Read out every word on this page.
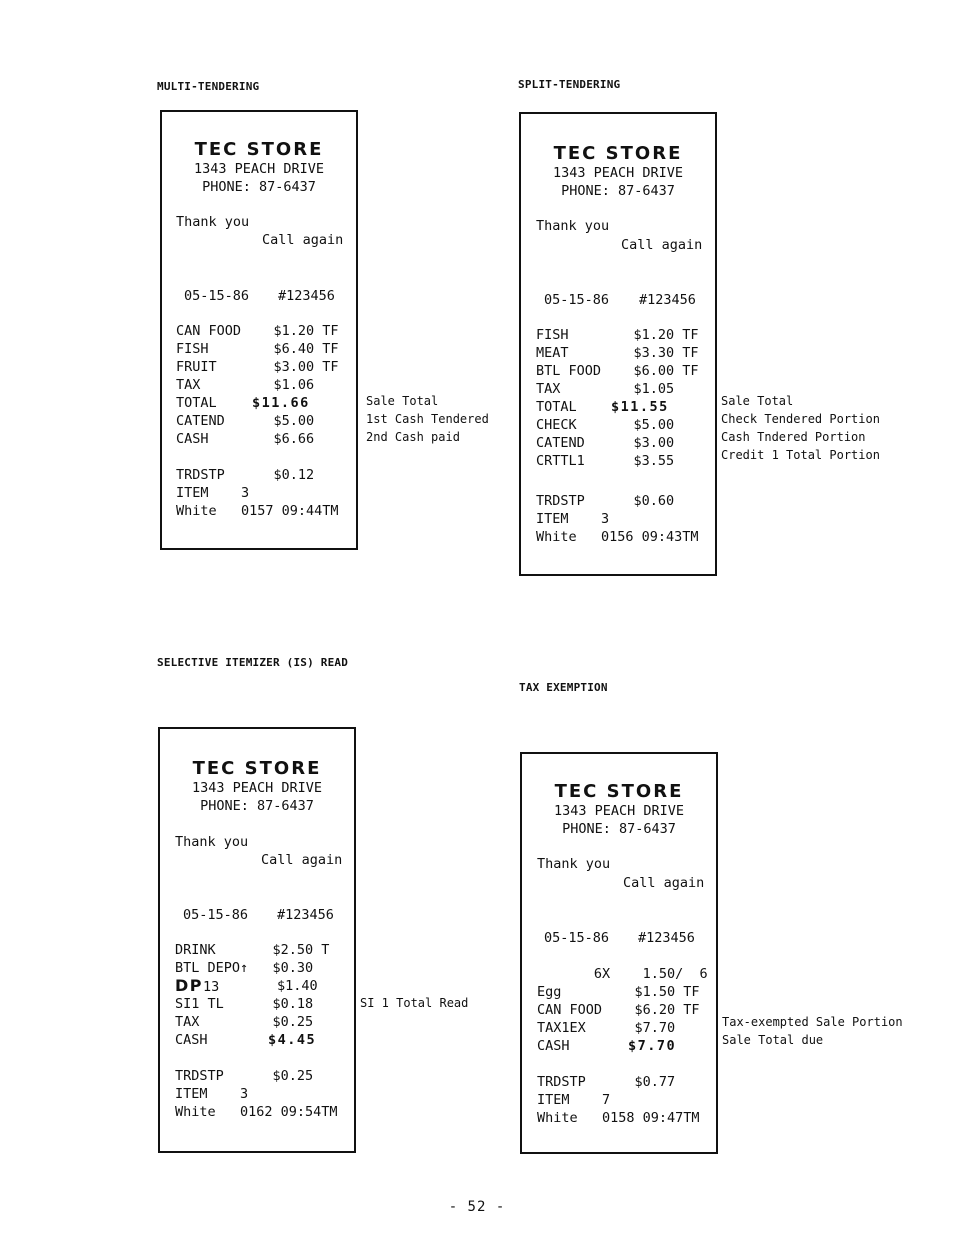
MULTI-TENDERING
TEC STORE
1343 PEACH DRIVE
PHONE: 87-6437
Thank you
Call again
05-15-86 #123456
CAN FOOD    $1.20 TF
FISH        $6.40 TF
FRUIT       $3.00 TF
TAX         $1.06
TOTAL	$11.66
CATEND      $5.00
CASH        $6.66
TRDSTP      $0.12
ITEM    3
White   0157 09:44TM
Sale Total
1st Cash Tendered
2nd Cash paid
SPLIT-TENDERING
TEC STORE
1343 PEACH DRIVE
PHONE: 87-6437
Thank you
Call again
05-15-86 #123456
FISH        $1.20 TF
MEAT        $3.30 TF
BTL FOOD    $6.00 TF
TAX         $1.05
TOTAL	$11.55
CHECK       $5.00
CATEND      $3.00
CRTTL1      $3.55
TRDSTP      $0.60
ITEM    3
White   0156 09:43TM
Sale Total
Check Tendered Portion
Cash Tndered Portion
Credit 1 Total Portion
SELECTIVE ITEMIZER (IS) READ
TEC STORE
1343 PEACH DRIVE
PHONE: 87-6437
Thank you
Call again
05-15-86 #123456
DRINK       $2.50 T
BTL DEPO↑   $0.30
DP13	$1.40
SI1 TL      $0.18
TAX         $0.25
CASH	$4.45
TRDSTP      $0.25
ITEM    3
White   0162 09:54TM
SI 1 Total Read
TAX EXEMPTION
TEC STORE
1343 PEACH DRIVE
PHONE: 87-6437
Thank you
Call again
05-15-86 #123456
6X    1.50/  6
Egg         $1.50 TF
CAN FOOD    $6.20 TF
TAX1EX      $7.70
CASH	$7.70
TRDSTP      $0.77
ITEM    7
White   0158 09:47TM
Tax-exempted Sale Portion
Sale Total due
- 52 -
